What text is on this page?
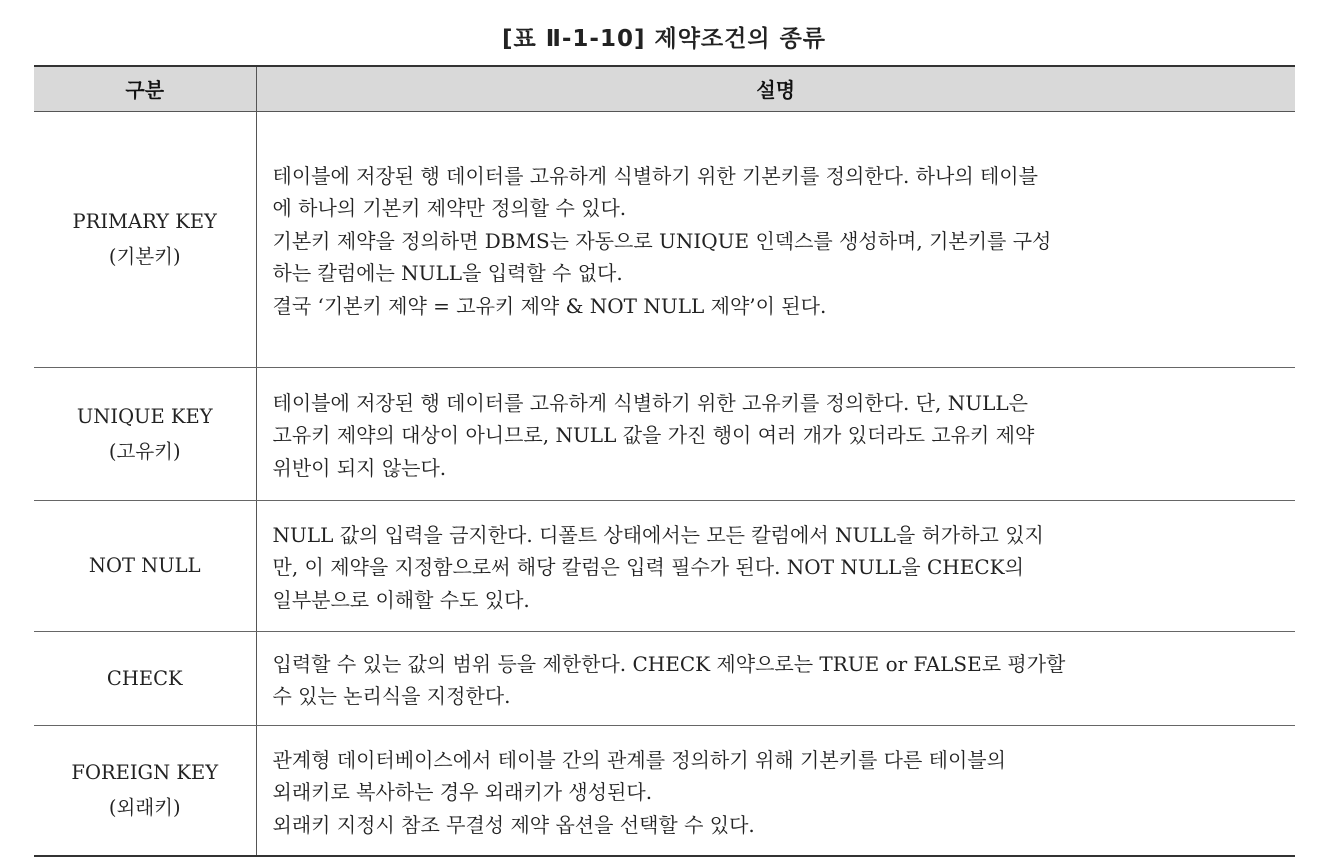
[표 Ⅱ-1-10] 제약조건의 종류
구분	설명

PRIMARY KEY
(기본키)	테이블에 저장된 행 데이터를 고유하게 식별하기 위한 기본키를 정의한다. 하나의 테이블
에 하나의 기본키 제약만 정의할 수 있다.
기본키 제약을 정의하면 DBMS는 자동으로 UNIQUE 인덱스를 생성하며, 기본키를 구성
하는 칼럼에는 NULL을 입력할 수 없다.
결국 ‘기본키 제약 = 고유키 제약 & NOT NULL 제약’이 된다.

UNIQUE KEY
(고유키)	테이블에 저장된 행 데이터를 고유하게 식별하기 위한 고유키를 정의한다. 단, NULL은
고유키 제약의 대상이 아니므로, NULL 값을 가진 행이 여러 개가 있더라도 고유키 제약
위반이 되지 않는다.

NOT NULL	NULL 값의 입력을 금지한다. 디폴트 상태에서는 모든 칼럼에서 NULL을 허가하고 있지
만, 이 제약을 지정함으로써 해당 칼럼은 입력 필수가 된다. NOT NULL을 CHECK의
일부분으로 이해할 수도 있다.

CHECK	입력할 수 있는 값의 범위 등을 제한한다. CHECK 제약으로는 TRUE or FALSE로 평가할
수 있는 논리식을 지정한다.

FOREIGN KEY
(외래키)	관계형 데이터베이스에서 테이블 간의 관계를 정의하기 위해 기본키를 다른 테이블의
외래키로 복사하는 경우 외래키가 생성된다.
외래키 지정시 참조 무결성 제약 옵션을 선택할 수 있다.
